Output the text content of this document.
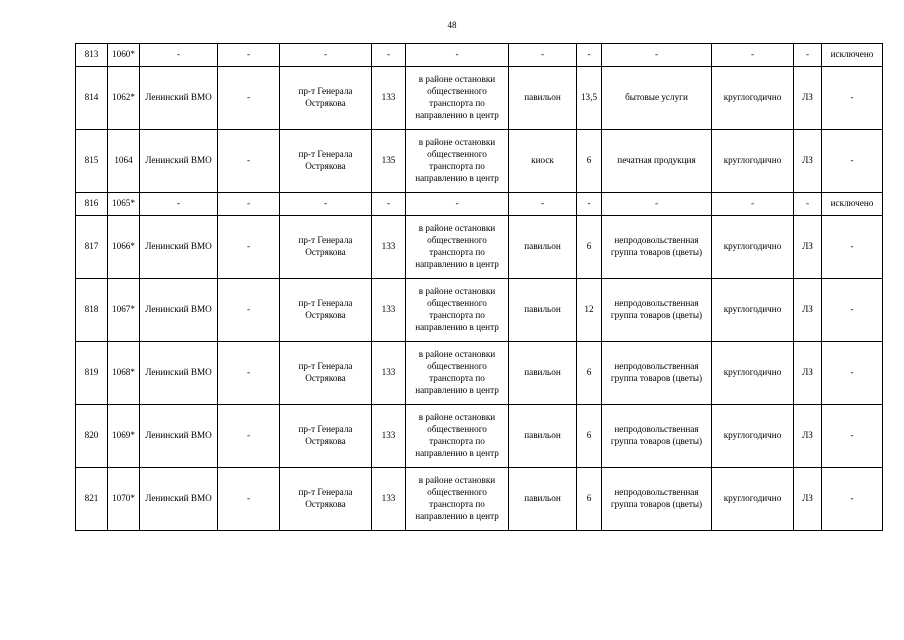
48
813	1060*	-	-	-	-	-	-	-	-	-	-	исключено
814	1062*	Ленинский ВМО	-	пр-т Генерала Острякова	133	в районе остановки общественного транспорта по направлению в центр	павильон	13,5	бытовые услуги	круглогодично	ЛЗ	-
815	1064	Ленинский ВМО	-	пр-т Генерала Острякова	135	в районе остановки общественного транспорта по направлению в центр	киоск	6	печатная продукция	круглогодично	ЛЗ	-
816	1065*	-	-	-	-	-	-	-	-	-	-	исключено
817	1066*	Ленинский ВМО	-	пр-т Генерала Острякова	133	в районе остановки общественного транспорта по направлению в центр	павильон	6	непродовольственная группа товаров (цветы)	круглогодично	ЛЗ	-
818	1067*	Ленинский ВМО	-	пр-т Генерала Острякова	133	в районе остановки общественного транспорта по направлению в центр	павильон	12	непродовольственная группа товаров (цветы)	круглогодично	ЛЗ	-
819	1068*	Ленинский ВМО	-	пр-т Генерала Острякова	133	в районе остановки общественного транспорта по направлению в центр	павильон	6	непродовольственная группа товаров (цветы)	круглогодично	ЛЗ	-
820	1069*	Ленинский ВМО	-	пр-т Генерала Острякова	133	в районе остановки общественного транспорта по направлению в центр	павильон	6	непродовольственная группа товаров (цветы)	круглогодично	ЛЗ	-
821	1070*	Ленинский ВМО	-	пр-т Генерала Острякова	133	в районе остановки общественного транспорта по направлению в центр	павильон	6	непродовольственная группа товаров (цветы)	круглогодично	ЛЗ	-
